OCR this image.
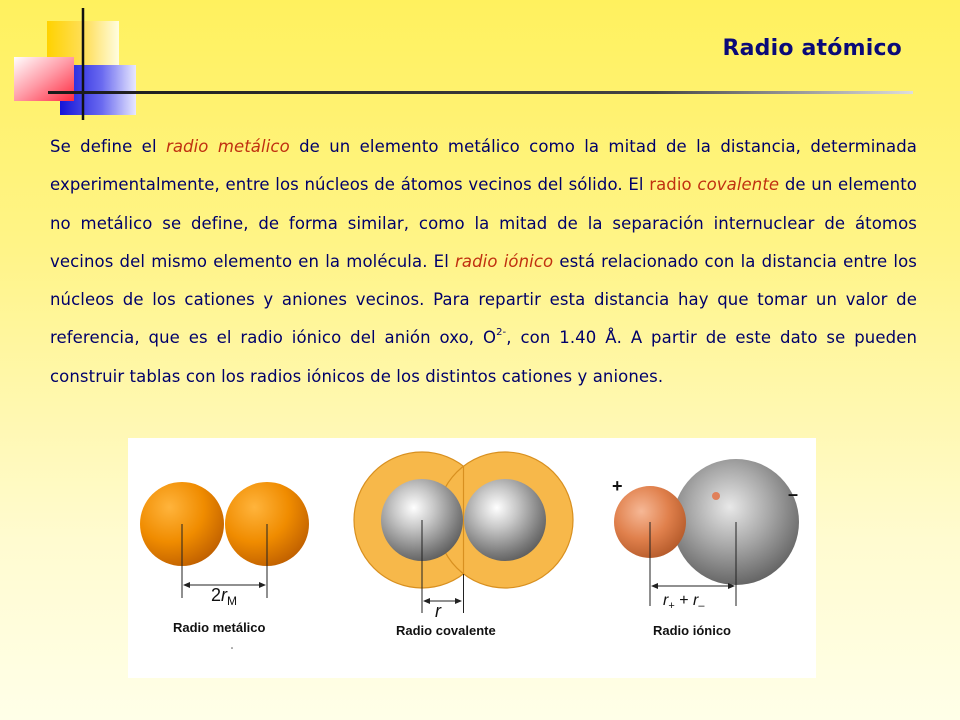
Radio atómico
Se define el radio metálico de un elemento metálico como la mitad de la distancia, determinada experimentalmente, entre los núcleos de átomos vecinos del sólido. El radio covalente de un elemento no metálico se define, de forma similar, como la mitad de la separación internuclear de átomos vecinos del mismo elemento en la molécula. El radio iónico está relacionado con la distancia entre los núcleos de los cationes y aniones vecinos. Para repartir esta distancia hay que tomar un valor de referencia, que es el radio iónico del anión oxo, $O^{2-}$, con 1.40 Å. A partir de este dato se pueden construir tablas con los radios iónicos de los distintos cationes y aniones.
$2r_M$
Radio metálico
r
Radio covalente
+	–
$r_+ + r_-$
Radio iónico
